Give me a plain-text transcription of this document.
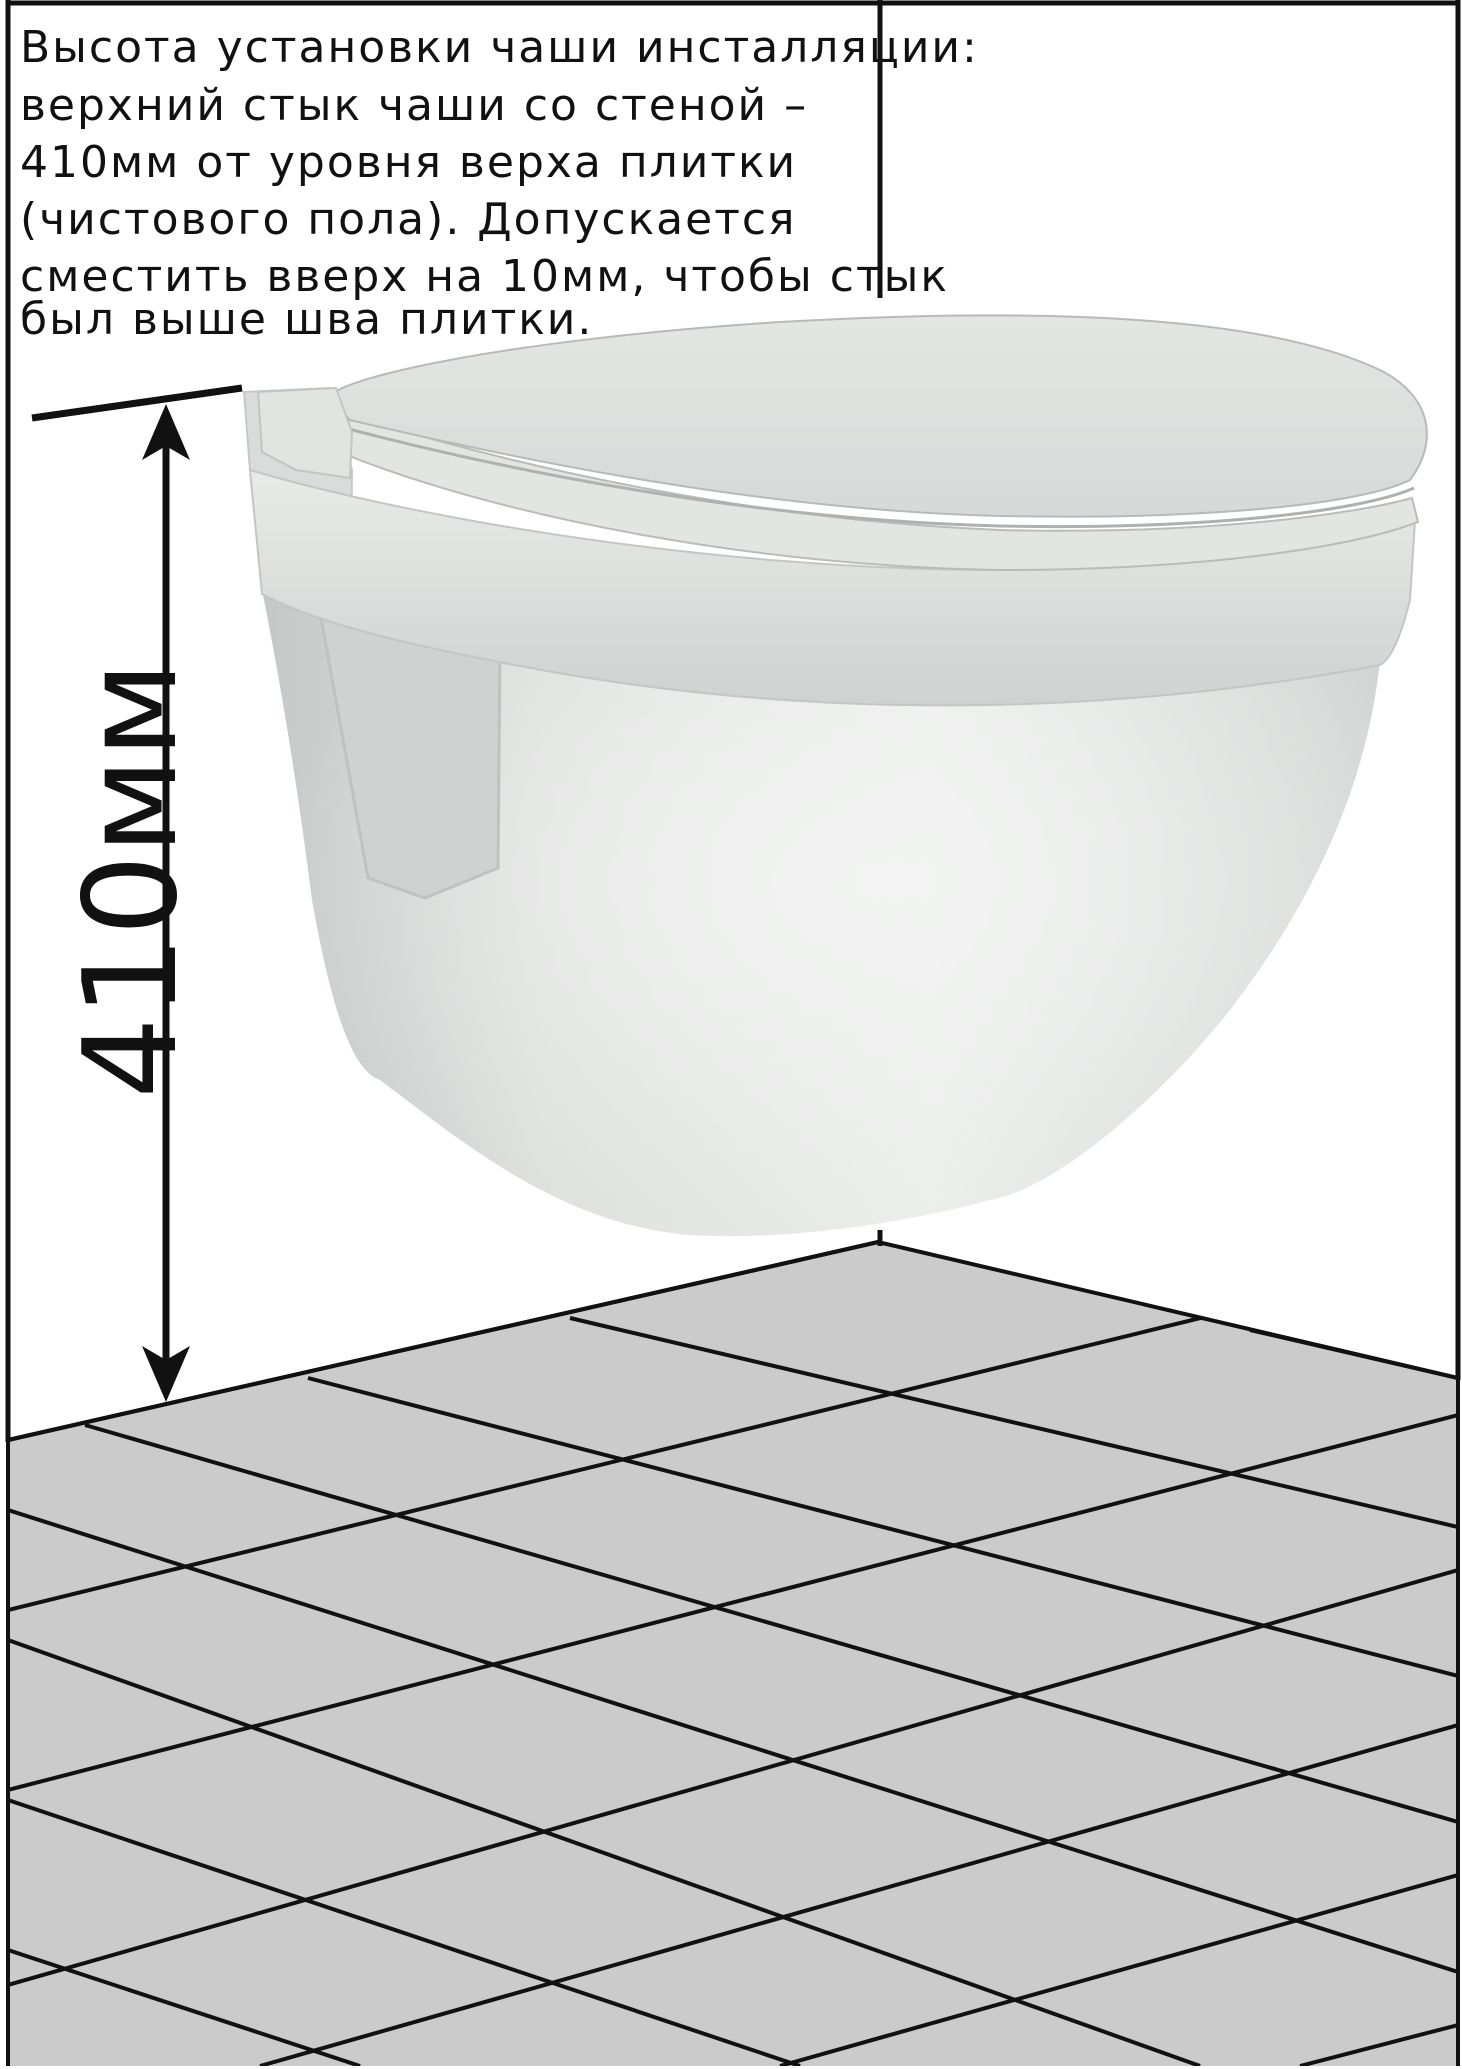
410мм
Высота установки чаши инсталляции:
верхний стык чаши со стеной –
410мм от уровня верха плитки
(чистового пола). Допускается
сместить вверх на 10мм, чтобы стык
был выше шва плитки.
